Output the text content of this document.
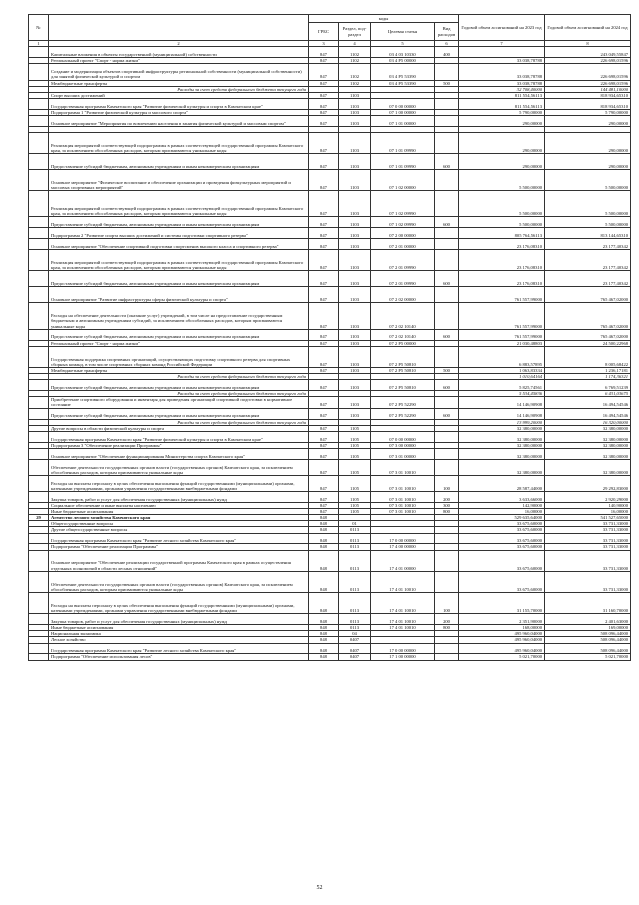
№		коды				Годовой объем ассигнований на 2023 год	Годовой объем ассигнований на 2024 год
		ГРБС	Раздел, под-раздел	Целевая статья	Вид расходов		
1	2	3	4	5	6	7	8
	Капитальные вложения в объекты государственной (муниципальной) собственности	847	1102	03 4 03 10330	400		243 049,55847
	Региональный проект "Спорт - норма жизни"	847	1102	03 4 P5 00000		33 038,78788	226 698,01596
	Создание и модернизация объектов спортивной инфраструктуры региональной собственности (муниципальной собственности) для занятий физической культурой и спортом	847	1102	03 4 P5 53390		33 038,78788	226 698,01596
	Межбюджетные трансферты	847	1102	03 4 P5 53390	500	33 038,78788	226 698,01596
	Расходы за счет средств федерального бюджета текущего года					32 708,40000	144 481,10000
	Спорт высших достижений	847	1103			811 554,56113	818 934,65310
	Государственная программа Камчатского края "Развитие физической культуры и спорта в Камчатском крае"	847	1103	07 0 00 00000		811 554,56113	818 934,65310
	Подпрограмма 1 "Развитие физической культуры и массового спорта"	847	1103	07 1 00 00000		5 790,00000	5 790,00000
	Основное мероприятие "Мероприятия по вовлечению населения в занятия физической культурой и массовым спортом"	847	1103	07 1 01 00000		290,00000	290,00000

	Реализация мероприятий соответствующей подпрограммы в рамках соответствующей государственной программы Камчатского края, за исключением обособленных расходов, которым присваиваются уникальные коды	847	1103	07 1 01 09990		290,00000	290,00000
	Предоставление субсидий бюджетным, автономным учреждениям и иным некоммерческим организациям	847	1103	07 1 01 09990	600	290,00000	290,00000
	Основное мероприятие "Физическое воспитание и обеспечение организации и проведения физкультурных мероприятий и массовых спортивных мероприятий"	847	1103	07 1 02 00000		5 500,00000	5 500,00000
	Реализация мероприятий соответствующей подпрограммы в рамках соответствующей государственной программы Камчатского края, за исключением обособленных расходов, которым присваиваются уникальные коды	847	1103	07 1 02 09990		5 500,00000	5 500,00000
	Предоставление субсидий бюджетным, автономным учреждениям и иным некоммерческим организациям	847	1103	07 1 02 09990	600	5 500,00000	5 500,00000
	Подпрограмма 2 "Развитие спорта высших достижений и системы подготовки спортивного резерва"	847	1103	07 2 00 00000		805 764,56113	813 144,65310
	Основное мероприятие "Обеспечение спортивной подготовки спортсменов высокого класса и спортивного резерва"	847	1103	07 2 01 00000		23 176,08310	23 177,40342
	Реализация мероприятий соответствующей подпрограммы в рамках соответствующей государственной программы Камчатского края, за исключением обособленных расходов, которым присваиваются уникальные коды	847	1103	07 2 01 09990		23 176,08310	23 177,40342
	Предоставление субсидий бюджетным, автономным учреждениям и иным некоммерческим организациям	847	1103	07 2 01 09990	600	23 176,08310	23 177,40342
	Основное мероприятие "Развитие инфраструктуры сферы физической культуры и спорта"	847	1103	07 2 02 00000		761 557,99000	765 467,02000
	Расходы на обеспечение деятельности (оказание услуг) учреждений, в том числе на предоставление государственным бюджетным и автономным учреждениям субсидий, за исключением обособленных расходов, которым присваиваются уникальные коды	847	1103	07 2 02 10140		761 557,99000	765 467,02000
	Предоставление субсидий бюджетным, автономным учреждениям и иным некоммерческим организациям	847	1103	07 2 02 10140	600	761 557,99000	765 467,02000
	Региональный проект "Спорт - норма жизни"	847	1103	07 2 P5 00000		21 030,48803	24 500,22968
	Государственная поддержка спортивных организаций, осуществляющих подготовку спортивного резерва для спортивных сборных команд, в том числе спортивных сборных команд Российской Федерации	847	1103	07 2 P5 50810		6 883,57895	8 005,68422
	Межбюджетные трансферты	847	1103	07 2 P5 50810	500	1 063,83334	1 236,17181
	Расходы за счет средств федерального бюджета текущего года					1 010,64164	1 174,36321
	Предоставление субсидий бюджетным, автономным учреждениям и иным некоммерческим организациям	847	1103	07 2 P5 50810	600	5 825,74561	6 769,51239
	Расходы за счет средств федерального бюджета текущего года					5 534,45836	6 431,03675
	Приобретение спортивного оборудования и инвентаря для приведения организаций спортивной подготовки в нормативное состояние	847	1103	07 2 P5 52290		14 146,90908	16 494,54546
	Предоставление субсидий бюджетным, автономным учреждениям и иным некоммерческим организациям	847	1103	07 2 P5 52290	600	14 146,90908	16 494,54546
	Расходы за счет средств федерального бюджета текущего года					13 999,20000	16 320,00000
	Другие вопросы в области физической культуры и спорта	847	1105			32 380,00000	32 380,00000
	Государственная программа Камчатского края "Развитие физической культуры и спорта в Камчатском крае"	847	1105	07 0 00 00000		32 380,00000	32 380,00000
	Подпрограмма 3 "Обеспечение реализации Программы"	847	1105	07 3 00 00000		32 380,00000	32 380,00000
	Основное мероприятие "Обеспечение функционирования Министерства спорта Камчатского края"	847	1105	07 3 01 00000		32 380,00000	32 380,00000
	Обеспечение деятельности государственных органов власти (государственных органов) Камчатского края, за исключением обособленных расходов, которым присваиваются уникальные коды	847	1105	07 3 01 10010		32 380,00000	32 380,00000
	Расходы на выплаты персоналу в целях обеспечения выполнения функций государственными (муниципальными) органами, казенными учреждениями, органами управления государственными внебюджетными фондами	847	1105	07 3 01 10010	100	28 587,44000	29 292,83000
	Закупка товаров, работ и услуг для обеспечения государственных (муниципальных) нужд	847	1105	07 3 01 10010	200	3 633,66000	2 920,29000
	Социальное обеспечение и иные выплаты населению	847	1105	07 3 01 10010	300	142,90000	140,90000
	Иные бюджетные ассигнования	847	1105	07 3 01 10010	800	16,00000	16,00000
29	Агентство лесного хозяйства Камчатского края	848				529 635,64000	541 527,65000
	Общегосударственные вопросы	848	01			33 675,60000	33 731,33000
	Другие общегосударственные вопросы	848	0113			33 675,60000	33 731,33000
	Государственная программа Камчатского края "Развитие лесного хозяйства Камчатского края"	848	0113	17 0 00 00000		33 675,60000	33 731,33000
	Подпрограмма "Обеспечение реализации Программы"	848	0113	17 4 00 00000		33 675,60000	33 731,33000
	Основное мероприятие "Обеспечение реализации государственной программы Камчатского края в рамках осуществления отдельных полномочий в области лесных отношений"	848	0113	17 4 01 00000		33 675,60000	33 731,33000
	Обеспечение деятельности государственных органов власти (государственных органов) Камчатского края, за исключением обособленных расходов, которым присваиваются уникальные коды	848	0113	17 4 01 10010		33 675,60000	33 731,33000
	Расходы на выплаты персоналу в целях обеспечения выполнения функций государственными (муниципальными) органами, казенными учреждениями, органами управления государственными внебюджетными фондами	848	0113	17 4 01 10010	100	31 155,70000	31 160,70000
	Закупка товаров, работ и услуг для обеспечения государственных (муниципальных) нужд	848	0113	17 4 01 10010	200	2 351,90000	2 401,63000
	Иные бюджетные ассигнования	848	0113	17 4 01 10010	800	168,00000	169,00000
	Национальная экономика	848	04			495 960,04000	508 096,44000
	Лесное хозяйство	848	0407			495 960,04000	508 096,44000
	Государственная программа Камчатского края "Развитие лесного хозяйства Камчатского края"	848	0407	17 0 00 00000		495 960,04000	508 096,44000
	Подпрограмма "Обеспечение использования лесов"	848	0407	17 1 00 00000		5 021,70000	5 021,70000
52
